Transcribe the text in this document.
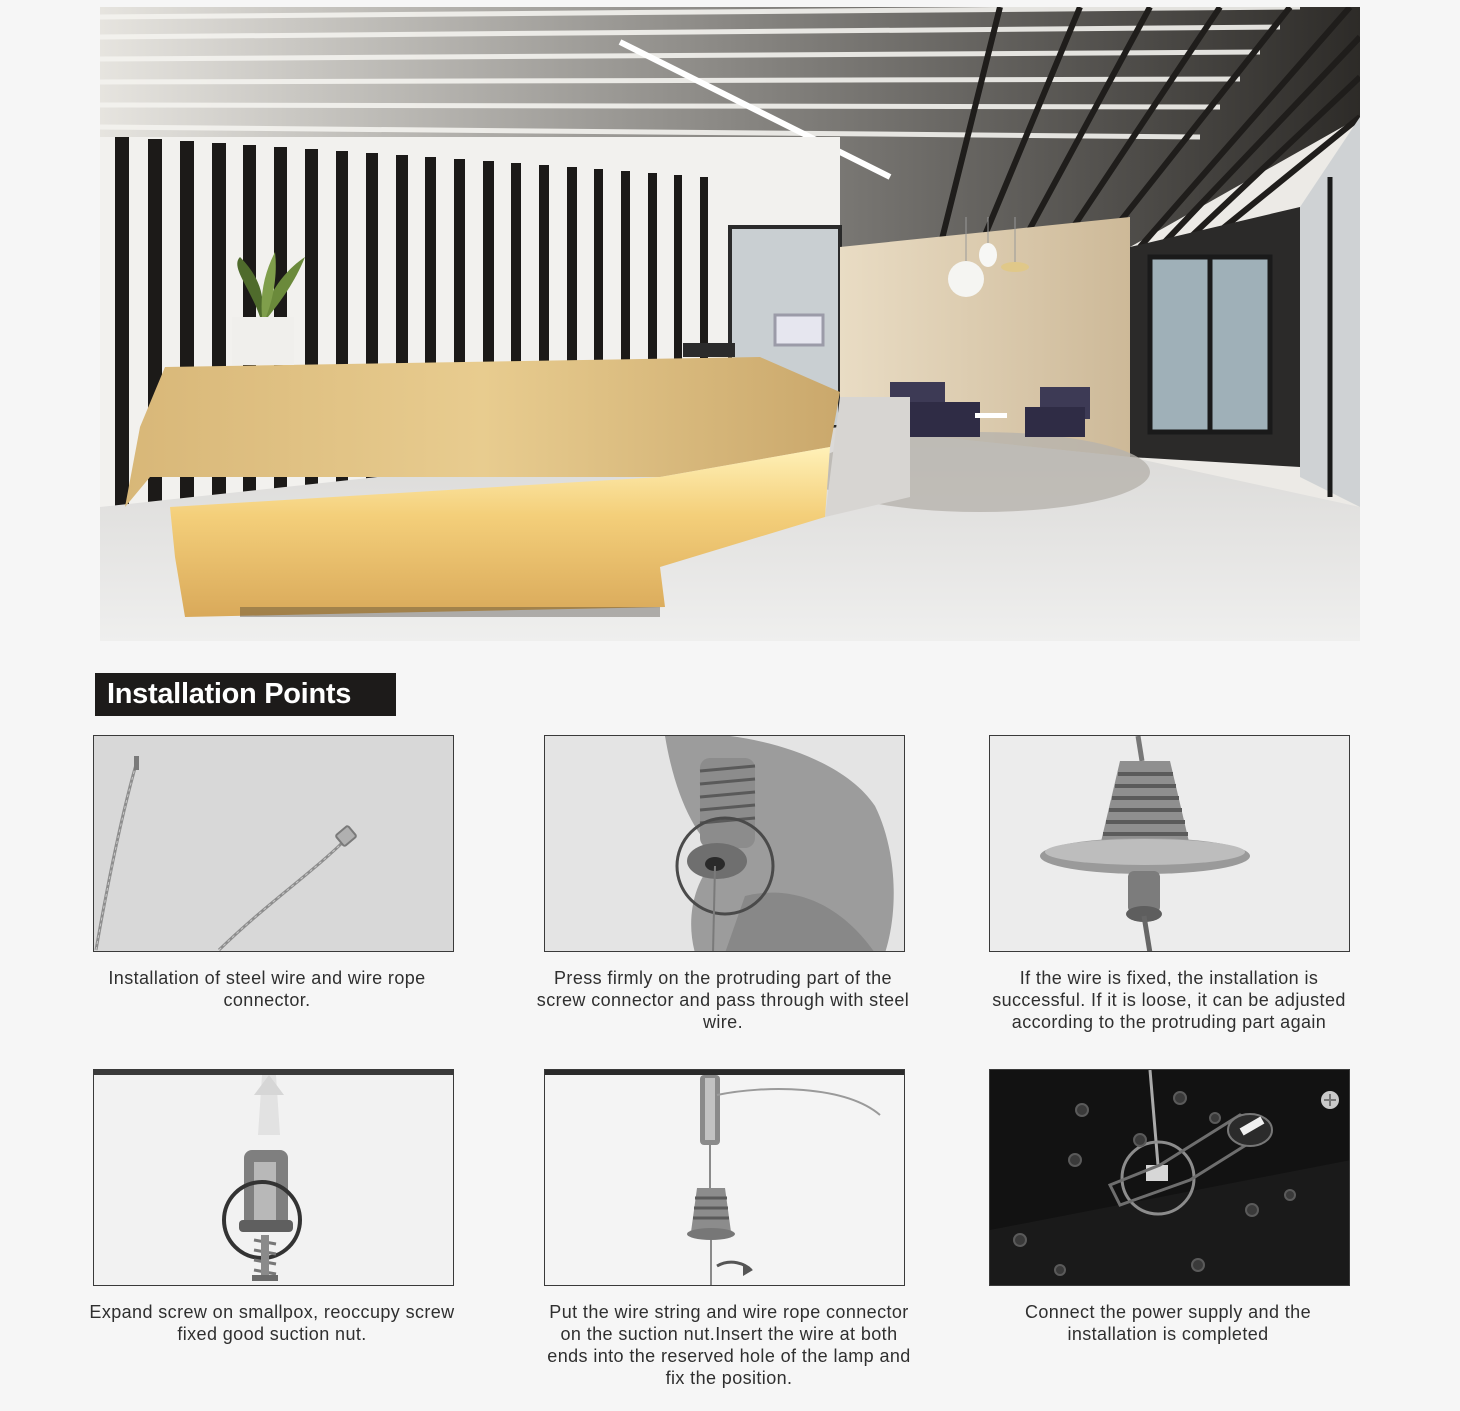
Installation Points
Installation of steel wire and wire rope connector.
Press firmly on the protruding part of the screw connector and pass through with steel wire.
If the wire is fixed, the installation is successful. If it is loose, it can be adjusted according to the protruding part again
Expand screw on smallpox, reoccupy screw fixed good suction nut.
Put the wire string and wire rope connector on the suction nut.Insert the wire at both ends into the reserved hole of the lamp and fix the position.
Connect the power supply and the installation is completed
